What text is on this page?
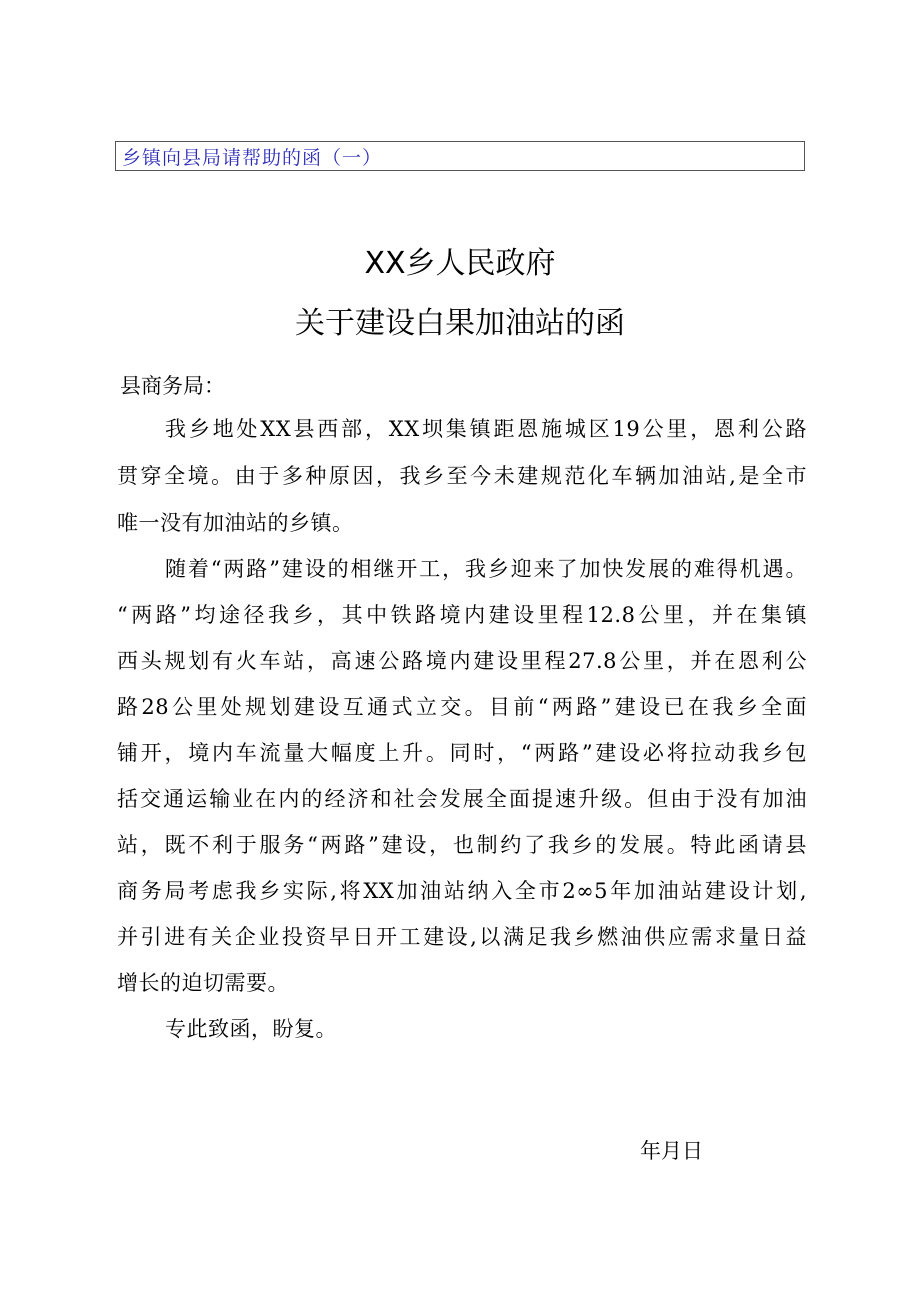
乡镇向县局请帮助的函（一）
XX乡人民政府
关于建设白果加油站的函
县商务局：
我乡地处XX县西部，XX坝集镇距恩施城区19公里，恩利公路
贯穿全境。由于多种原因，我乡至今未建规范化车辆加油站,是全市
唯一没有加油站的乡镇。
随着“两路”建设的相继开工，我乡迎来了加快发展的难得机遇。
“两路”均途径我乡，其中铁路境内建设里程12.8公里，并在集镇
西头规划有火车站，高速公路境内建设里程27.8公里，并在恩利公
路28公里处规划建设互通式立交。目前“两路”建设已在我乡全面
铺开，境内车流量大幅度上升。同时，“两路”建设必将拉动我乡包
括交通运输业在内的经济和社会发展全面提速升级。但由于没有加油
站，既不利于服务“两路”建设，也制约了我乡的发展。特此函请县
商务局考虑我乡实际,将XX加油站纳入全市2∞5年加油站建设计划,
并引进有关企业投资早日开工建设,以满足我乡燃油供应需求量日益
增长的迫切需要。
专此致函，盼复。
年月日
